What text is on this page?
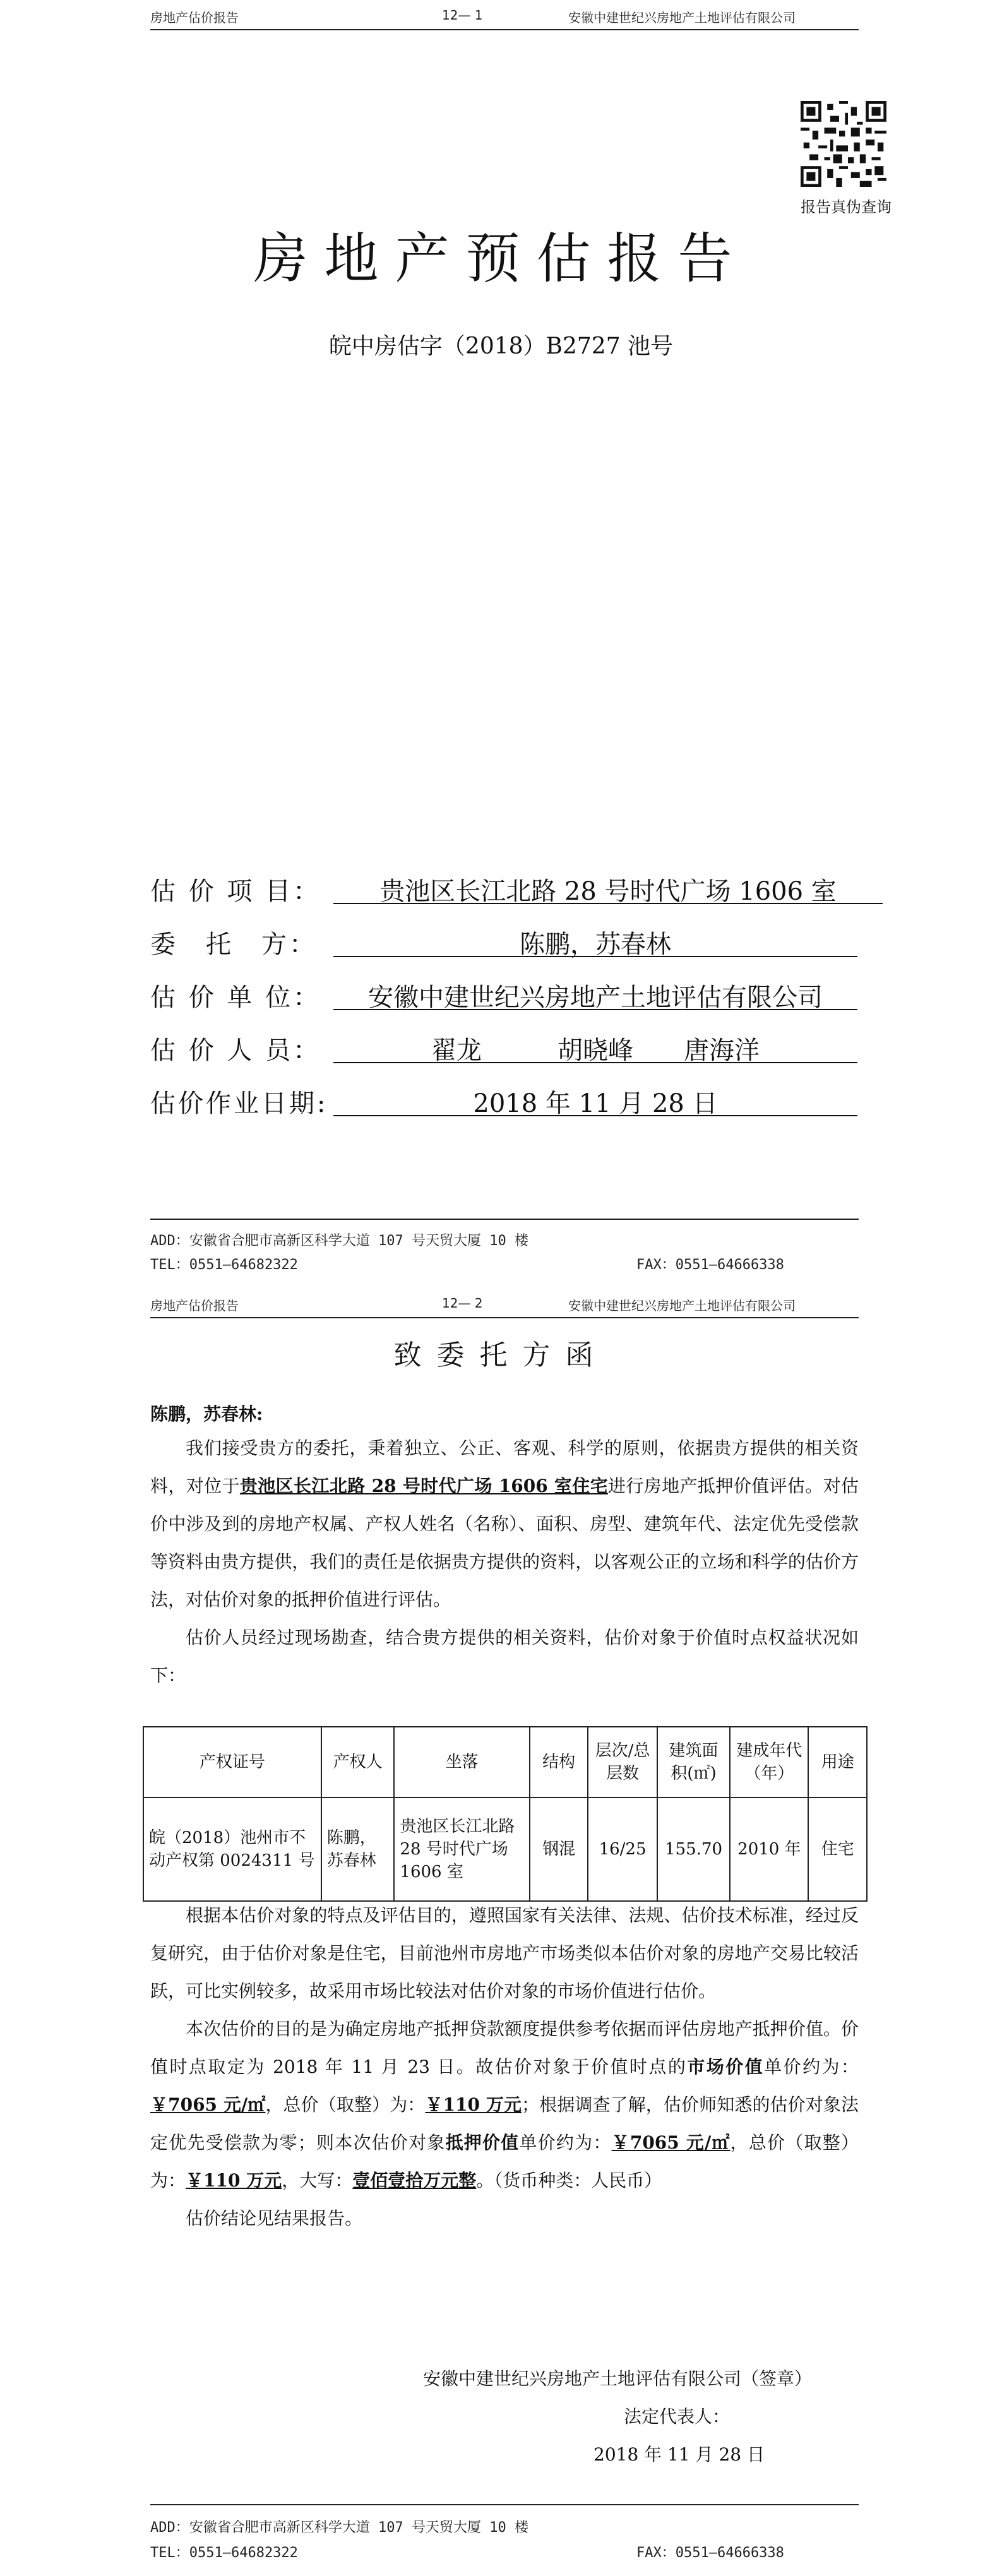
房地产估价报告	12— 1	安徽中建世纪兴房地产土地评估有限公司
报告真伪查询
房地产预估报告
皖中房估字（2018）B2727 池号
估 价 项 目：	贵池区长江北路 28 号时代广场 1606 室
委　托　方：	陈鹏，苏春林
估 价 单 位：	安徽中建世纪兴房地产土地评估有限公司
估 价 人 员：	翟龙　　　胡晓峰　　唐海洋
估价作业日期:	2018 年 11 月 28 日
ADD：安徽省合肥市高新区科学大道 107 号天贸大厦 10 楼
TEL：0551—64682322	FAX：0551—64666338
房地产估价报告	12— 2	安徽中建世纪兴房地产土地评估有限公司
致委托方函
陈鹏，苏春林:

我们接受贵方的委托，秉着独立、公正、客观、科学的原则，依据贵方提供的相关资料，对位于贵池区长江北路 28 号时代广场 1606 室住宅进行房地产抵押价值评估。对估价中涉及到的房地产权属、产权人姓名（名称）、面积、房型、建筑年代、法定优先受偿款等资料由贵方提供，我们的责任是依据贵方提供的资料，以客观公正的立场和科学的估价方法，对估价对象的抵押价值进行评估。

估价人员经过现场勘查，结合贵方提供的相关资料，估价对象于价值时点权益状况如下：

产权证号	产权人	坐落	结构	层次/总层数	建筑面积(㎡)	建成年代（年）	用途
皖（2018）池州市不动产权第 0024311 号	陈鹏，苏春林	贵池区长江北路 28 号时代广场 1606 室	钢混	16/25	155.70	2010 年	住宅

根据本估价对象的特点及评估目的，遵照国家有关法律、法规、估价技术标准，经过反复研究，由于估价对象是住宅，目前池州市房地产市场类似本估价对象的房地产交易比较活跃，可比实例较多，故采用市场比较法对估价对象的市场价值进行估价。

本次估价的目的是为确定房地产抵押贷款额度提供参考依据而评估房地产抵押价值。价值时点取定为 2018 年 11 月 23 日。故估价对象于价值时点的市场价值单价约为：￥7065 元/㎡，总价（取整）为：￥110 万元；根据调查了解，估价师知悉的估价对象法定优先受偿款为零；则本次估价对象抵押价值单价约为：￥7065 元/㎡，总价（取整）为：￥110 万元，大写：壹佰壹拾万元整。（货币种类：人民币）

估价结论见结果报告。

安徽中建世纪兴房地产土地评估有限公司（签章）
法定代表人：
2018 年 11 月 28 日
ADD：安徽省合肥市高新区科学大道 107 号天贸大厦 10 楼
TEL：0551—64682322	FAX：0551—64666338
